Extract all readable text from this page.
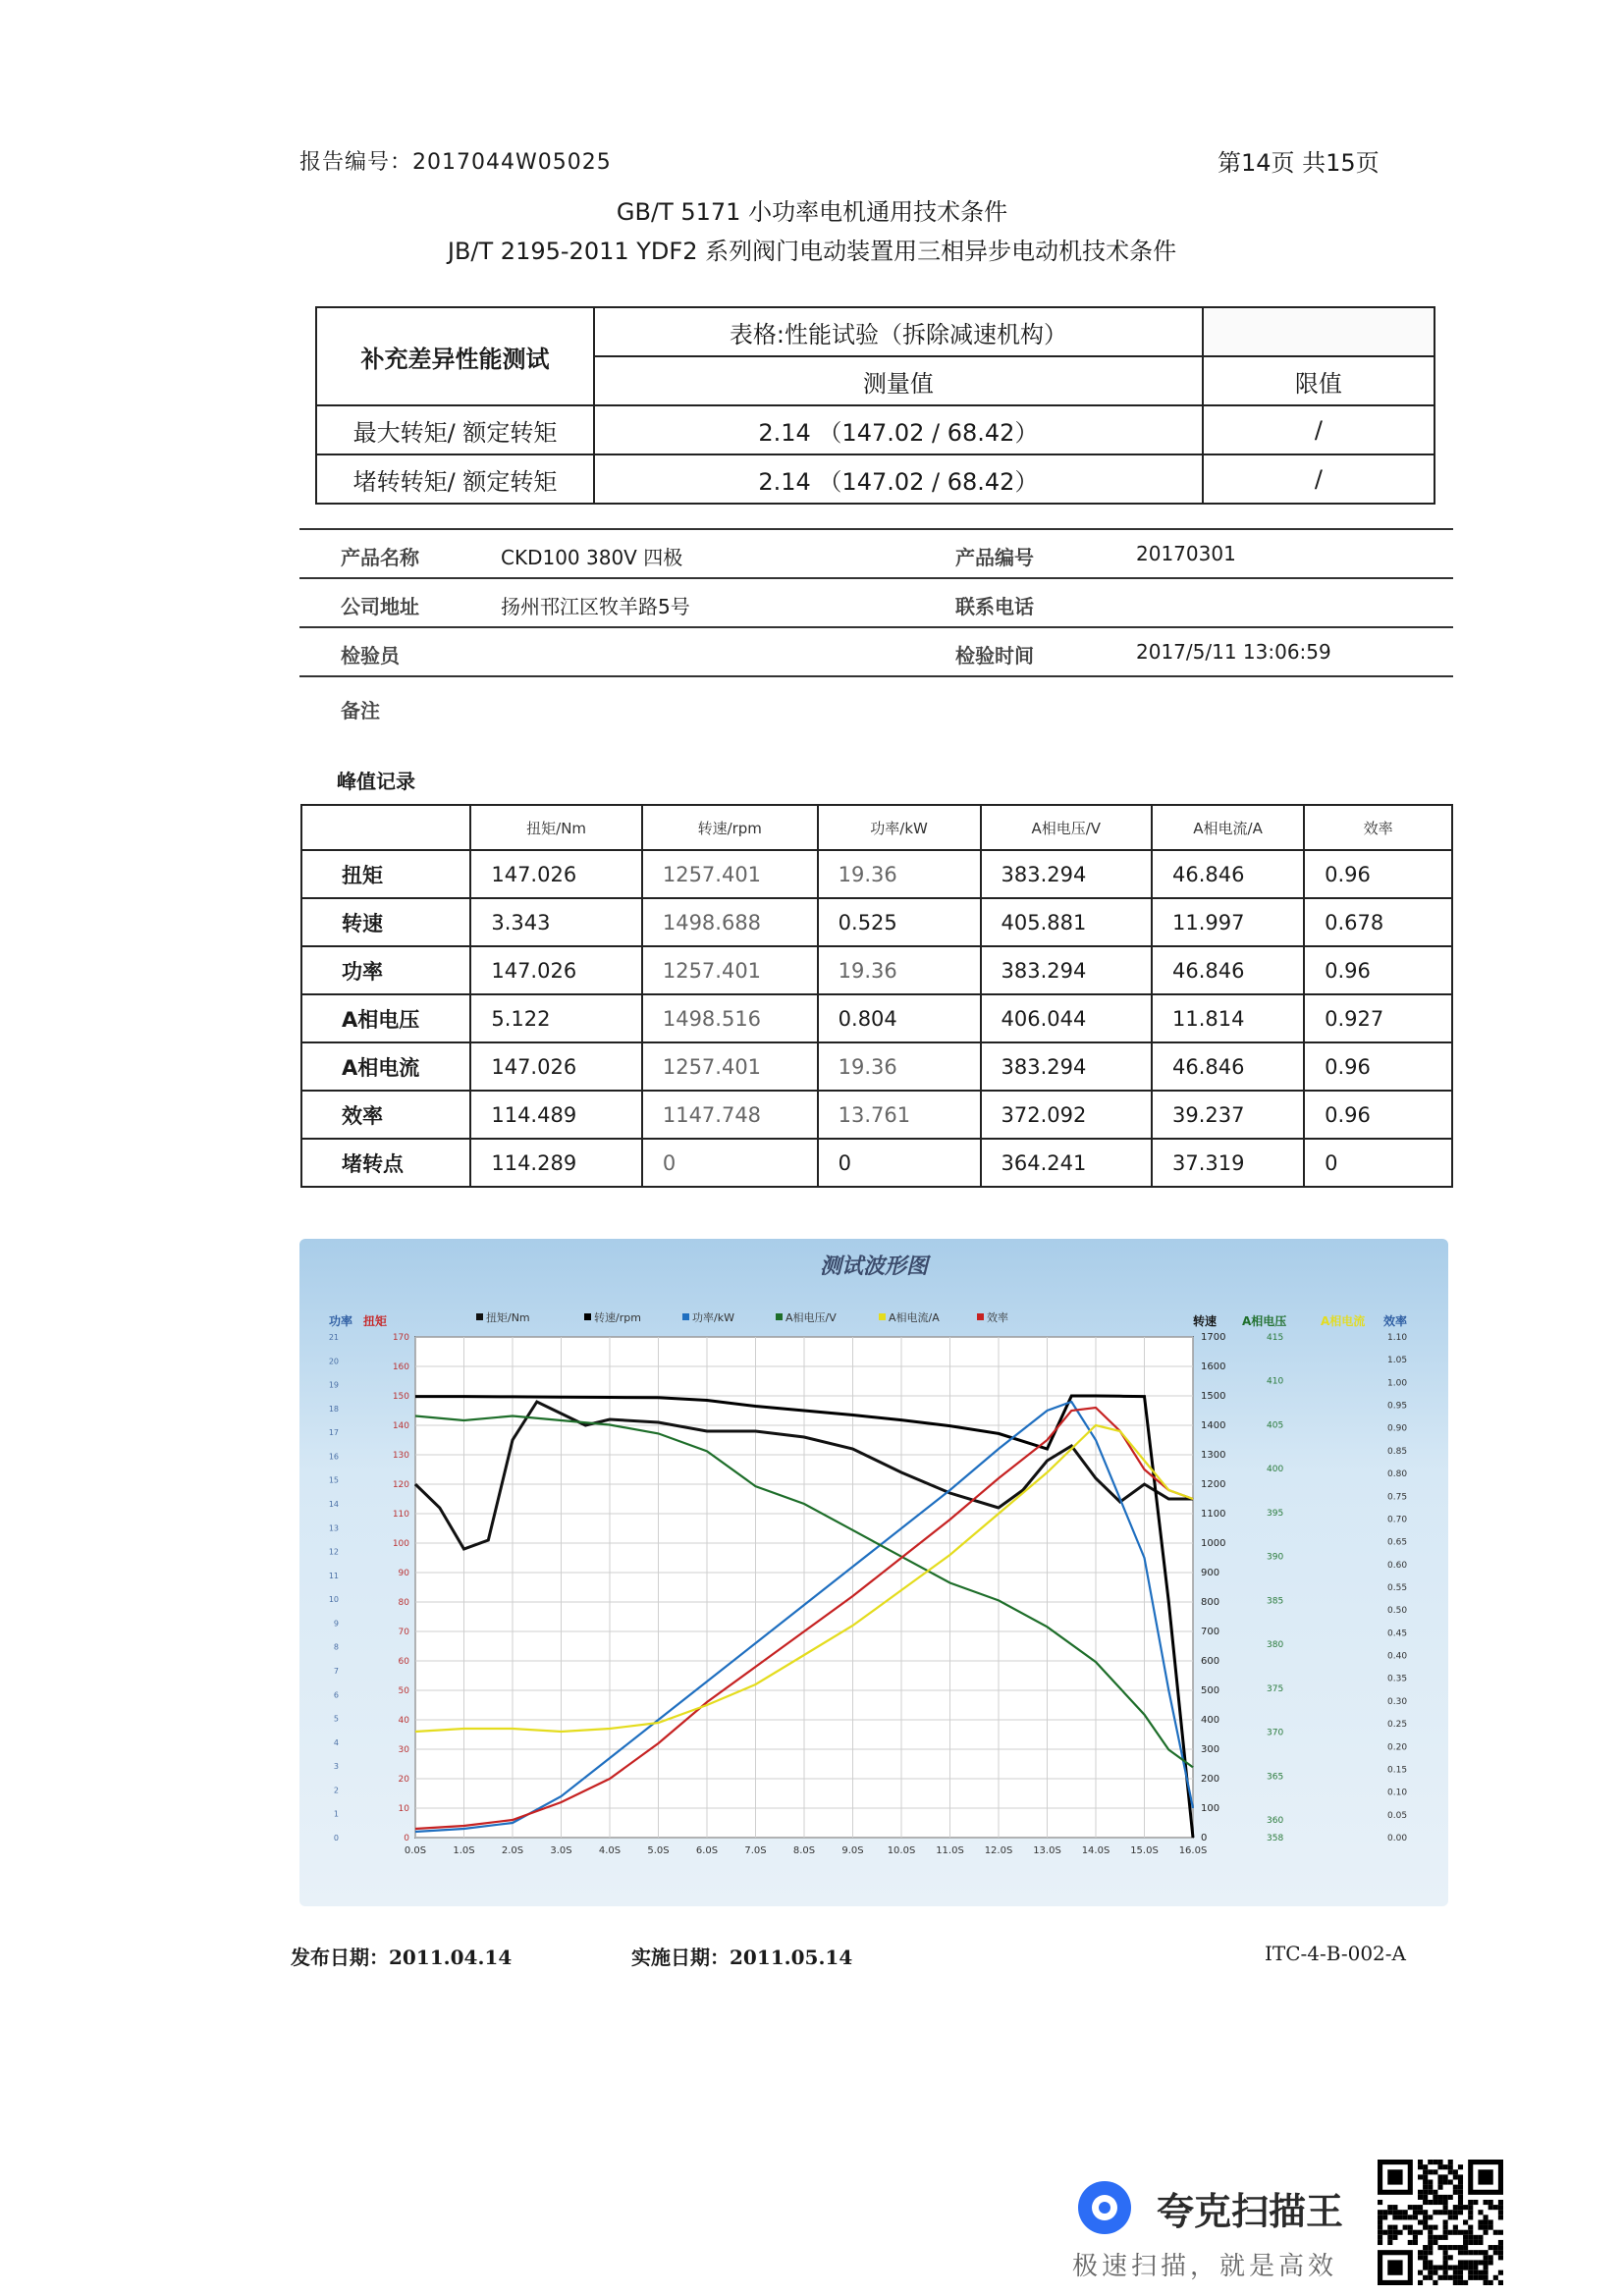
报告编号：2017044W05025	第14页 共15页
GB/T 5171 小功率电机通用技术条件
JB/T 2195-2011 YDF2 系列阀门电动装置用三相异步电动机技术条件
补充差异性能测试	表格:性能试验（拆除减速机构）	
	测量值	限值
最大转矩/ 额定转矩	2.14 （147.02 / 68.42）	/
堵转转矩/ 额定转矩	2.14 （147.02 / 68.42）	/
产品名称	CKD100 380V 四极	产品编号	20170301
公司地址	扬州邗江区牧羊路5号	联系电话
检验员	检验时间	2017/5/11 13:06:59
备注
峰值记录
	扭矩/Nm	转速/rpm	功率/kW	A相电压/V	A相电流/A	效率
扭矩	147.026	1257.401	19.36	383.294	46.846	0.96
转速	3.343	1498.688	0.525	405.881	11.997	0.678
功率	147.026	1257.401	19.36	383.294	46.846	0.96
A相电压	5.122	1498.516	0.804	406.044	11.814	0.927
A相电流	147.026	1257.401	19.36	383.294	46.846	0.96
效率	114.489	1147.748	13.761	372.092	39.237	0.96
堵转点	114.289	0	0	364.241	37.319	0
测试波形图
扭矩/Nm	转速/rpm	功率/kW	A相电压/V	A相电流/A	效率
功率 扭矩	转速 A相电压	A相电流 效率
0.0S	1.0S	2.0S	3.0S	4.0S	5.0S	6.0S	7.0S	8.0S	9.0S 10.0S 11.0S 12.0S 13.0S 14.0S 15.0S 16.0S
0
10
20
30
40
50
60
70
80
90
100
110
120
130
140
150
160
170
0
1
2
3
4
5
6
7
8
9
10
11
12
13
14
15
16
17
18
19
20
21
0
100
200
300
400
500
600
700
800
900
1000
1100
1200
1300
1400
1500
1600
1700
358
360
365
370
375
380
385
390
395
400
405
410
415
0.00
0.05
0.10
0.15
0.20
0.25
0.30
0.35
0.40
0.45
0.50
0.55
0.60
0.65
0.70
0.75
0.80
0.85
0.90
0.95
1.00
1.05
1.10
发布日期：2011.04.14	实施日期：2011.05.14	ITC-4-B-002-A
夸克扫描王
极速扫描，就是高效
